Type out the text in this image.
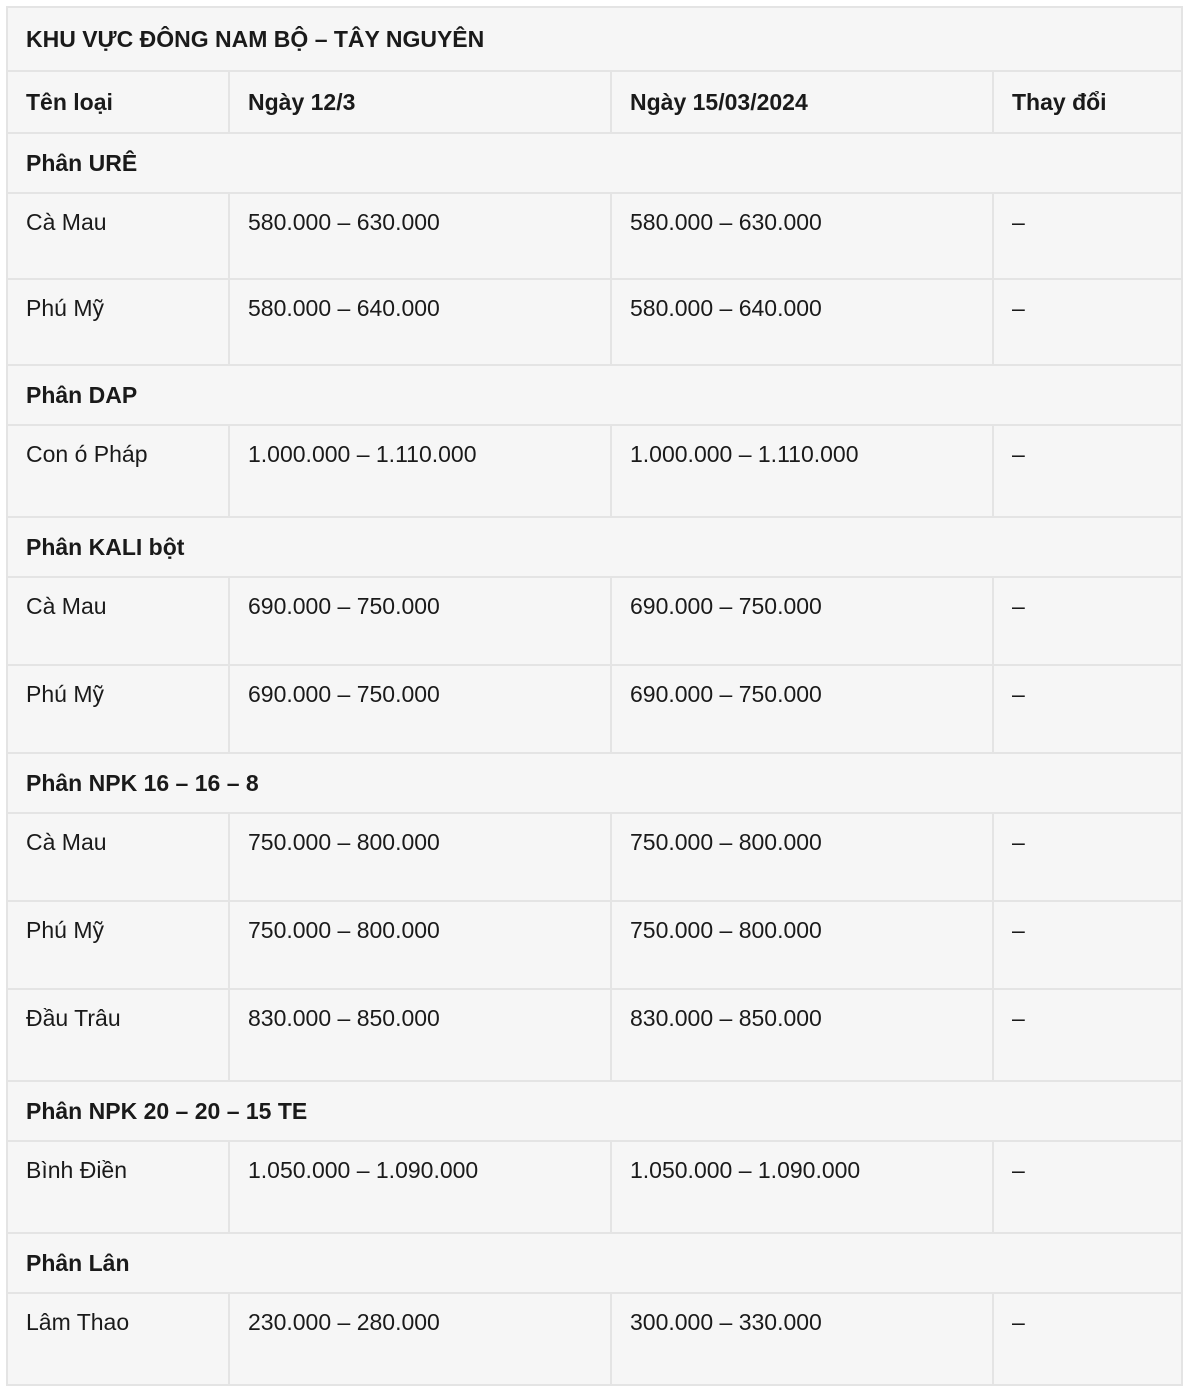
KHU VỰC ĐÔNG NAM BỘ – TÂY NGUYÊN			
Tên loại	Ngày 12/3	Ngày 15/03/2024	Thay đổi
Phân URÊ			
Cà Mau	580.000 – 630.000	580.000 – 630.000	–
Phú Mỹ	580.000 – 640.000	580.000 – 640.000	–
Phân DAP			
Con ó Pháp	1.000.000 – 1.110.000	1.000.000 – 1.110.000	–
Phân KALI bột			
Cà Mau	690.000 – 750.000	690.000 – 750.000	–
Phú Mỹ	690.000 – 750.000	690.000 – 750.000	–
Phân NPK 16 – 16 – 8			
Cà Mau	750.000 – 800.000	750.000 – 800.000	–
Phú Mỹ	750.000 – 800.000	750.000 – 800.000	–
Đầu Trâu	830.000 – 850.000	830.000 – 850.000	–
Phân NPK 20 – 20 – 15 TE			
Bình Điền	1.050.000 – 1.090.000	1.050.000 – 1.090.000	–
Phân Lân			
Lâm Thao	230.000 – 280.000	300.000 – 330.000	–
